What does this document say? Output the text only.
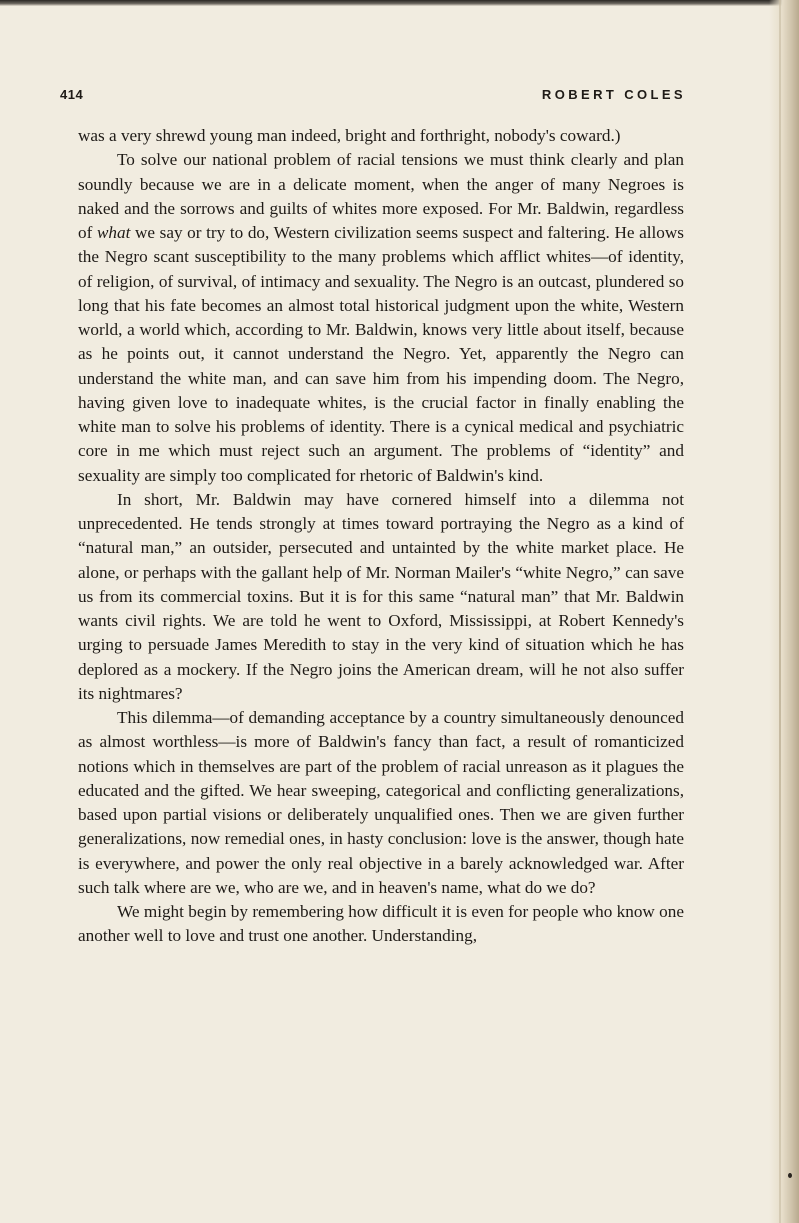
414	ROBERT COLES

was a very shrewd young man indeed, bright and forthright, nobody's coward.)

To solve our national problem of racial tensions we must think clearly and plan soundly because we are in a delicate moment, when the anger of many Negroes is naked and the sorrows and guilts of whites more exposed. For Mr. Baldwin, regardless of what we say or try to do, Western civilization seems suspect and faltering. He allows the Negro scant susceptibility to the many problems which afflict whites—of identity, of religion, of survival, of intimacy and sexuality. The Negro is an outcast, plundered so long that his fate becomes an almost total historical judgment upon the white, Western world, a world which, according to Mr. Baldwin, knows very little about itself, because as he points out, it cannot understand the Negro. Yet, apparently the Negro can understand the white man, and can save him from his impending doom. The Negro, having given love to inadequate whites, is the crucial factor in finally enabling the white man to solve his problems of identity. There is a cynical medical and psychiatric core in me which must reject such an argument. The problems of “identity” and sexuality are simply too complicated for rhetoric of Baldwin's kind.

In short, Mr. Baldwin may have cornered himself into a dilemma not unprecedented. He tends strongly at times toward portraying the Negro as a kind of “natural man,” an outsider, persecuted and untainted by the white market place. He alone, or perhaps with the gallant help of Mr. Norman Mailer's “white Negro,” can save us from its commercial toxins. But it is for this same “natural man” that Mr. Baldwin wants civil rights. We are told he went to Oxford, Mississippi, at Robert Kennedy's urging to persuade James Meredith to stay in the very kind of situation which he has deplored as a mockery. If the Negro joins the American dream, will he not also suffer its nightmares?

This dilemma—of demanding acceptance by a country simultaneously denounced as almost worthless—is more of Baldwin's fancy than fact, a result of romanticized notions which in themselves are part of the problem of racial unreason as it plagues the educated and the gifted. We hear sweeping, categorical and conflicting generalizations, based upon partial visions or deliberately unqualified ones. Then we are given further generalizations, now remedial ones, in hasty conclusion: love is the answer, though hate is everywhere, and power the only real objective in a barely acknowledged war. After such talk where are we, who are we, and in heaven's name, what do we do?

We might begin by remembering how difficult it is even for people who know one another well to love and trust one another. Understanding,
